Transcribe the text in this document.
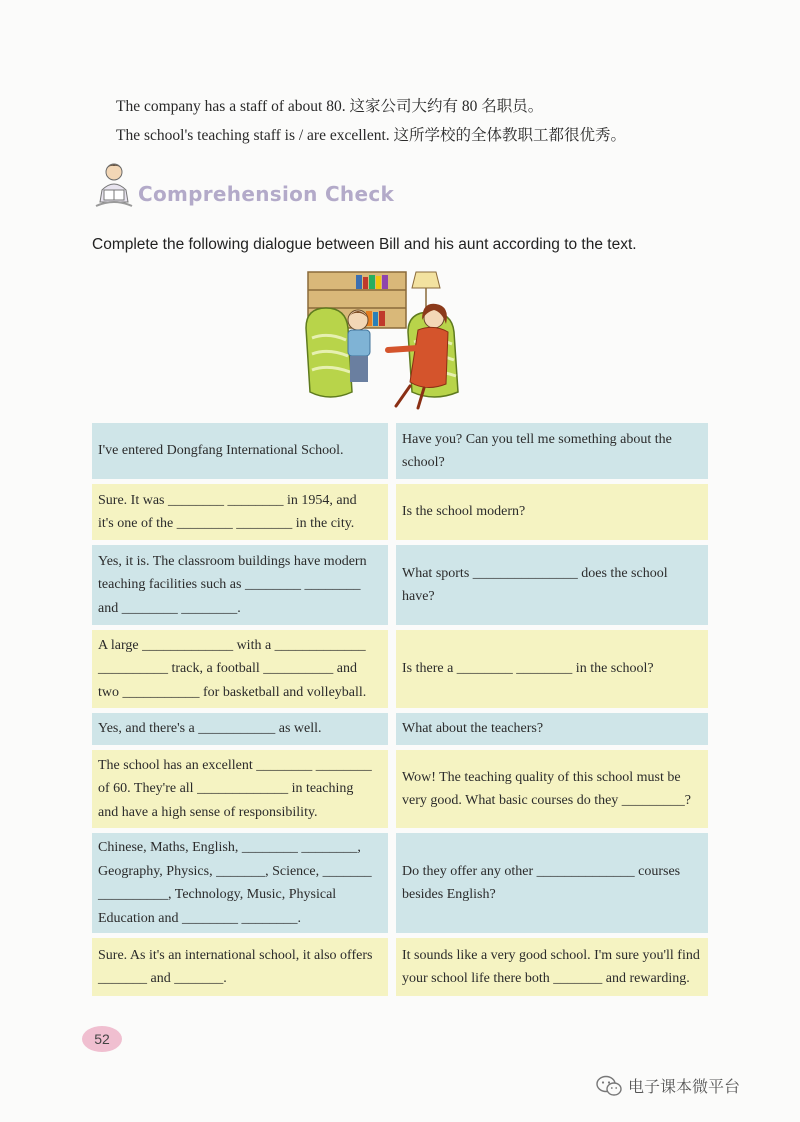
The company has a staff of about 80. 这家公司大约有 80 名职员。
The school's teaching staff is / are excellent. 这所学校的全体教职工都很优秀。
Comprehension Check
Complete the following dialogue between Bill and his aunt according to the text.
I've entered Dongfang International School.
Have you? Can you tell me something about the school?
Sure. It was ________ ________ in 1954, and
it's one of the ________ ________ in the city.
Is the school modern?
Yes, it is. The classroom buildings have modern
teaching facilities such as ________ ________
and ________ ________.
What sports _______________ does the school
have?
A large _____________ with a _____________
__________ track, a football __________ and
two ___________ for basketball and volleyball.
Is there a ________ ________ in the school?
Yes, and there's a ___________ as well.	What about the teachers?
The school has an excellent ________ ________
of 60. They're all _____________ in teaching
and have a high sense of responsibility.
Wow! The teaching quality of this school must be
very good. What basic courses do they _________?
Chinese, Maths, English, ________ ________,
Geography, Physics, _______, Science, _______
__________, Technology, Music, Physical
Education and ________ ________.
Do they offer any other ______________ courses
besides English?
Sure. As it's an international school, it also offers
_______ and _______.
It sounds like a very good school. I'm sure you'll find
your school life there both _______ and rewarding.
52
电子课本微平台
